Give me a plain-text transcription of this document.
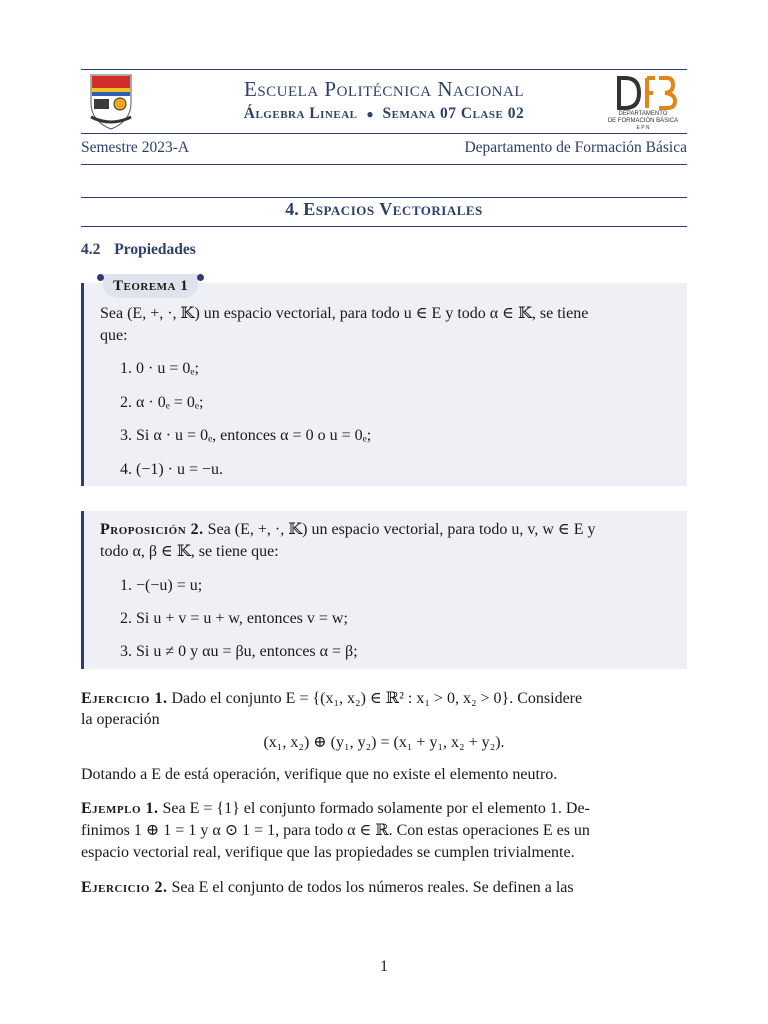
Escuela Politécnica Nacional
Álgebra Lineal ● Semana 07 Clase 02	DEPARTAMENTO
DE FORMACIÓN BÁSICA
E P N
Semestre 2023-A	Departamento de Formación Básica
4. Espacios Vectoriales
4.2 Propiedades
Teorema 1
Sea (E, +, ·, 𝕂) un espacio vectorial, para todo u ∈ E y todo α ∈ 𝕂, se tiene
que:
1. 0 · u = 0ₑ;
2. α · 0ₑ = 0ₑ;
3. Si α · u = 0ₑ, entonces α = 0 o u = 0ₑ;
4. (−1) · u = −u.
Proposición 2. Sea (E, +, ·, 𝕂) un espacio vectorial, para todo u, v, w ∈ E y
todo α, β ∈ 𝕂, se tiene que:
1. −(−u) = u;
2. Si u + v = u + w, entonces v = w;
3. Si u ≠ 0 y αu = βu, entonces α = β;
Ejercicio 1. Dado el conjunto E = {(x₁, x₂) ∈ ℝ² : x₁ > 0, x₂ > 0}. Considere
la operación
(x₁, x₂) ⊕ (y₁, y₂) = (x₁ + y₁, x₂ + y₂).
Dotando a E de está operación, verifique que no existe el elemento neutro.
Ejemplo 1. Sea E = {1} el conjunto formado solamente por el elemento 1. De-
finimos 1 ⊕ 1 = 1 y α ⊙ 1 = 1, para todo α ∈ ℝ. Con estas operaciones E es un
espacio vectorial real, verifique que las propiedades se cumplen trivialmente.
Ejercicio 2. Sea E el conjunto de todos los números reales. Se definen a las
1
